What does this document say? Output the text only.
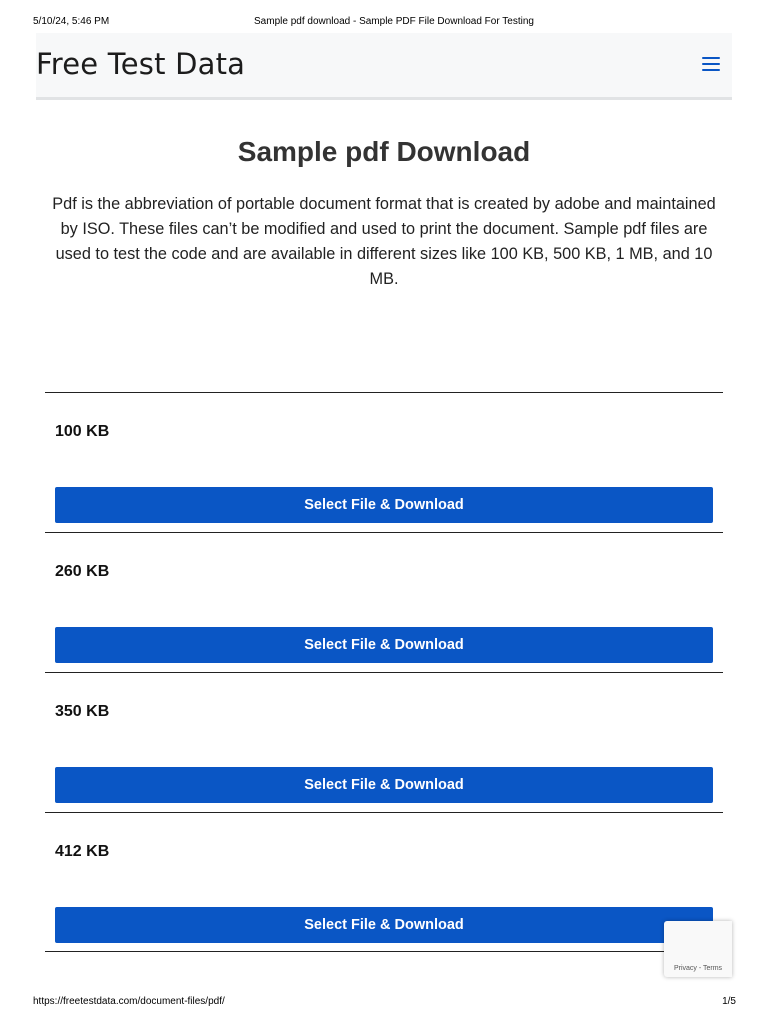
5/10/24, 5:46 PM	Sample pdf download - Sample PDF File Download For Testing
Free Test Data
Sample pdf Download

Pdf is the abbreviation of portable document format that is created by adobe and maintained by ISO. These files can’t be modified and used to print the document. Sample pdf files are used to test the code and are available in different sizes like 100 KB, 500 KB, 1 MB, and 10 MB.

100 KB
Select File & Download
260 KB
Select File & Download
350 KB
Select File & Download
412 KB
Select File & Download
Privacy - Terms
https://freetestdata.com/document-files/pdf/	1/5
